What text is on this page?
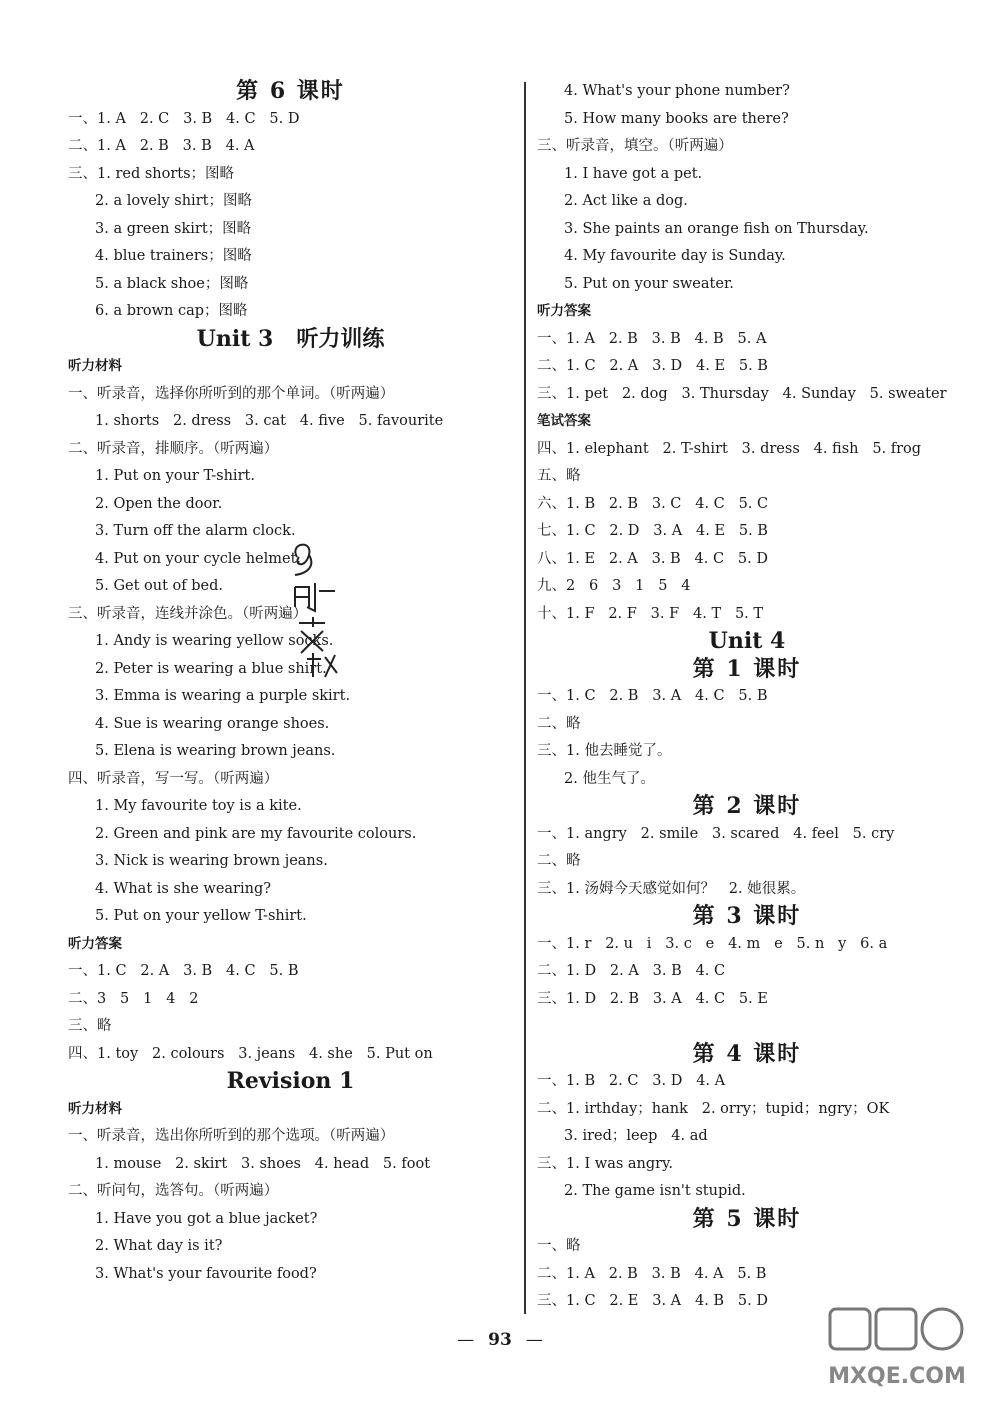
第 6 课时
一、1. A   2. C   3. B   4. C   5. D
二、1. A   2. B   3. B   4. A
三、1. red shorts；图略
2. a lovely shirt；图略
3. a green skirt；图略
4. blue trainers；图略
5. a black shoe；图略
6. a brown cap；图略
Unit 3   听力训练
听力材料
一、听录音，选择你所听到的那个单词。（听两遍）
1. shorts   2. dress   3. cat   4. five   5. favourite
二、听录音，排顺序。（听两遍）
1. Put on your T-shirt.
2. Open the door.
3. Turn off the alarm clock.
4. Put on your cycle helmet.
5. Get out of bed.
三、听录音，连线并涂色。（听两遍）
1. Andy is wearing yellow socks.
2. Peter is wearing a blue shirt.
3. Emma is wearing a purple skirt.
4. Sue is wearing orange shoes.
5. Elena is wearing brown jeans.
四、听录音，写一写。（听两遍）
1. My favourite toy is a kite.
2. Green and pink are my favourite colours.
3. Nick is wearing brown jeans.
4. What is she wearing?
5. Put on your yellow T-shirt.
听力答案
一、1. C   2. A   3. B   4. C   5. B
二、3   5   1   4   2
三、略
四、1. toy   2. colours   3. jeans   4. she   5. Put on
Revision 1
听力材料
一、听录音，选出你所听到的那个选项。（听两遍）
1. mouse   2. skirt   3. shoes   4. head   5. foot
二、听问句，选答句。（听两遍）
1. Have you got a blue jacket?
2. What day is it?
3. What's your favourite food?
4. What's your phone number?
5. How many books are there?
三、听录音，填空。（听两遍）
1. I have got a pet.
2. Act like a dog.
3. She paints an orange fish on Thursday.
4. My favourite day is Sunday.
5. Put on your sweater.
听力答案
一、1. A   2. B   3. B   4. B   5. A
二、1. C   2. A   3. D   4. E   5. B
三、1. pet   2. dog   3. Thursday   4. Sunday   5. sweater
笔试答案
四、1. elephant   2. T-shirt   3. dress   4. fish   5. frog
五、略
六、1. B   2. B   3. C   4. C   5. C
七、1. C   2. D   3. A   4. E   5. B
八、1. E   2. A   3. B   4. C   5. D
九、2   6   3   1   5   4
十、1. F   2. F   3. F   4. T   5. T
Unit 4
第 1 课时
一、1. C   2. B   3. A   4. C   5. B
二、略
三、1. 他去睡觉了。
2. 他生气了。
第 2 课时
一、1. angry   2. smile   3. scared   4. feel   5. cry
二、略
三、1. 汤姆今天感觉如何？   2. 她很累。
第 3 课时
一、1. r   2. u   i   3. c   e   4. m   e   5. n   y   6. a
二、1. D   2. A   3. B   4. C
三、1. D   2. B   3. A   4. C   5. E
第 4 课时
一、1. B   2. C   3. D   4. A
二、1. irthday；hank   2. orry；tupid；ngry；OK
3. ired；leep   4. ad
三、1. I was angry.
2. The game isn't stupid.
第 5 课时
一、略
二、1. A   2. B   3. B   4. A   5. B
三、1. C   2. E   3. A   4. B   5. D
— 93 —
MXQE.COM
